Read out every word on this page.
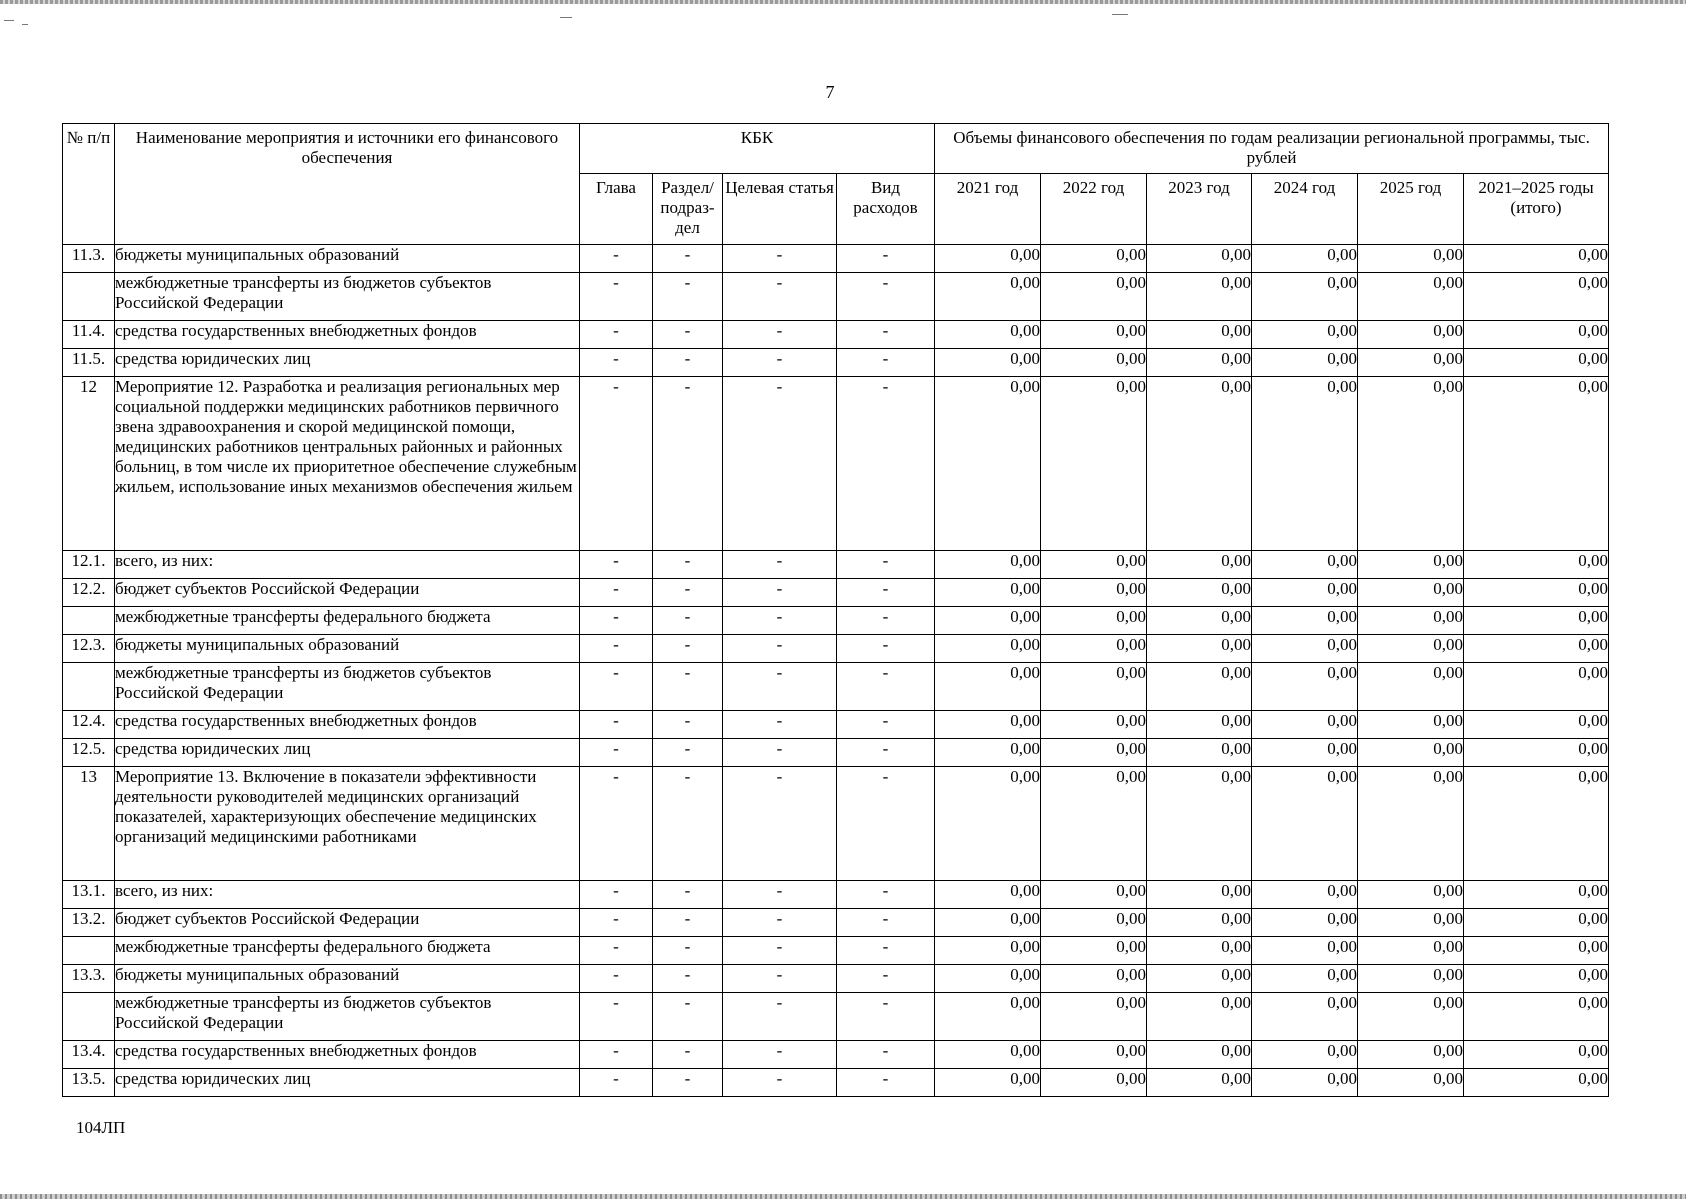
7
№ п/п	Наименование мероприятия и источники его финансового обеспечения	КБК				Объемы финансового обеспечения по годам реализации региональной программы, тыс. рублей					
		Глава	Раздел/ подраз-дел	Целевая статья	Вид расходов	2021 год	2022 год	2023 год	2024 год	2025 год	2021–2025 годы (итого)
11.3.	бюджеты муниципальных образований	-	-	-	-	0,00	0,00	0,00	0,00	0,00	0,00
	межбюджетные трансферты из бюджетов субъектов Российской Федерации	-	-	-	-	0,00	0,00	0,00	0,00	0,00	0,00
11.4.	средства государственных внебюджетных фондов	-	-	-	-	0,00	0,00	0,00	0,00	0,00	0,00
11.5.	средства юридических лиц	-	-	-	-	0,00	0,00	0,00	0,00	0,00	0,00
12	Мероприятие 12. Разработка и реализация региональных мер социальной поддержки медицинских работников первичного звена здравоохранения и скорой медицинской помощи, медицинских работников центральных районных и районных больниц, в том числе их приоритетное обеспечение служебным жильем, использование иных механизмов обеспечения жильем	-	-	-	-	0,00	0,00	0,00	0,00	0,00	0,00
12.1.	всего, из них:	-	-	-	-	0,00	0,00	0,00	0,00	0,00	0,00
12.2.	бюджет субъектов Российской Федерации	-	-	-	-	0,00	0,00	0,00	0,00	0,00	0,00
	межбюджетные трансферты федерального бюджета	-	-	-	-	0,00	0,00	0,00	0,00	0,00	0,00
12.3.	бюджеты муниципальных образований	-	-	-	-	0,00	0,00	0,00	0,00	0,00	0,00
	межбюджетные трансферты из бюджетов субъектов Российской Федерации	-	-	-	-	0,00	0,00	0,00	0,00	0,00	0,00
12.4.	средства государственных внебюджетных фондов	-	-	-	-	0,00	0,00	0,00	0,00	0,00	0,00
12.5.	средства юридических лиц	-	-	-	-	0,00	0,00	0,00	0,00	0,00	0,00
13	Мероприятие 13. Включение в показатели эффективности деятельности руководителей медицинских организаций показателей, характеризующих обеспечение медицинских организаций медицинскими работниками	-	-	-	-	0,00	0,00	0,00	0,00	0,00	0,00
13.1.	всего, из них:	-	-	-	-	0,00	0,00	0,00	0,00	0,00	0,00
13.2.	бюджет субъектов Российской Федерации	-	-	-	-	0,00	0,00	0,00	0,00	0,00	0,00
	межбюджетные трансферты федерального бюджета	-	-	-	-	0,00	0,00	0,00	0,00	0,00	0,00
13.3.	бюджеты муниципальных образований	-	-	-	-	0,00	0,00	0,00	0,00	0,00	0,00
	межбюджетные трансферты из бюджетов субъектов Российской Федерации	-	-	-	-	0,00	0,00	0,00	0,00	0,00	0,00
13.4.	средства государственных внебюджетных фондов	-	-	-	-	0,00	0,00	0,00	0,00	0,00	0,00
13.5.	средства юридических лиц	-	-	-	-	0,00	0,00	0,00	0,00	0,00	0,00
104ЛП
